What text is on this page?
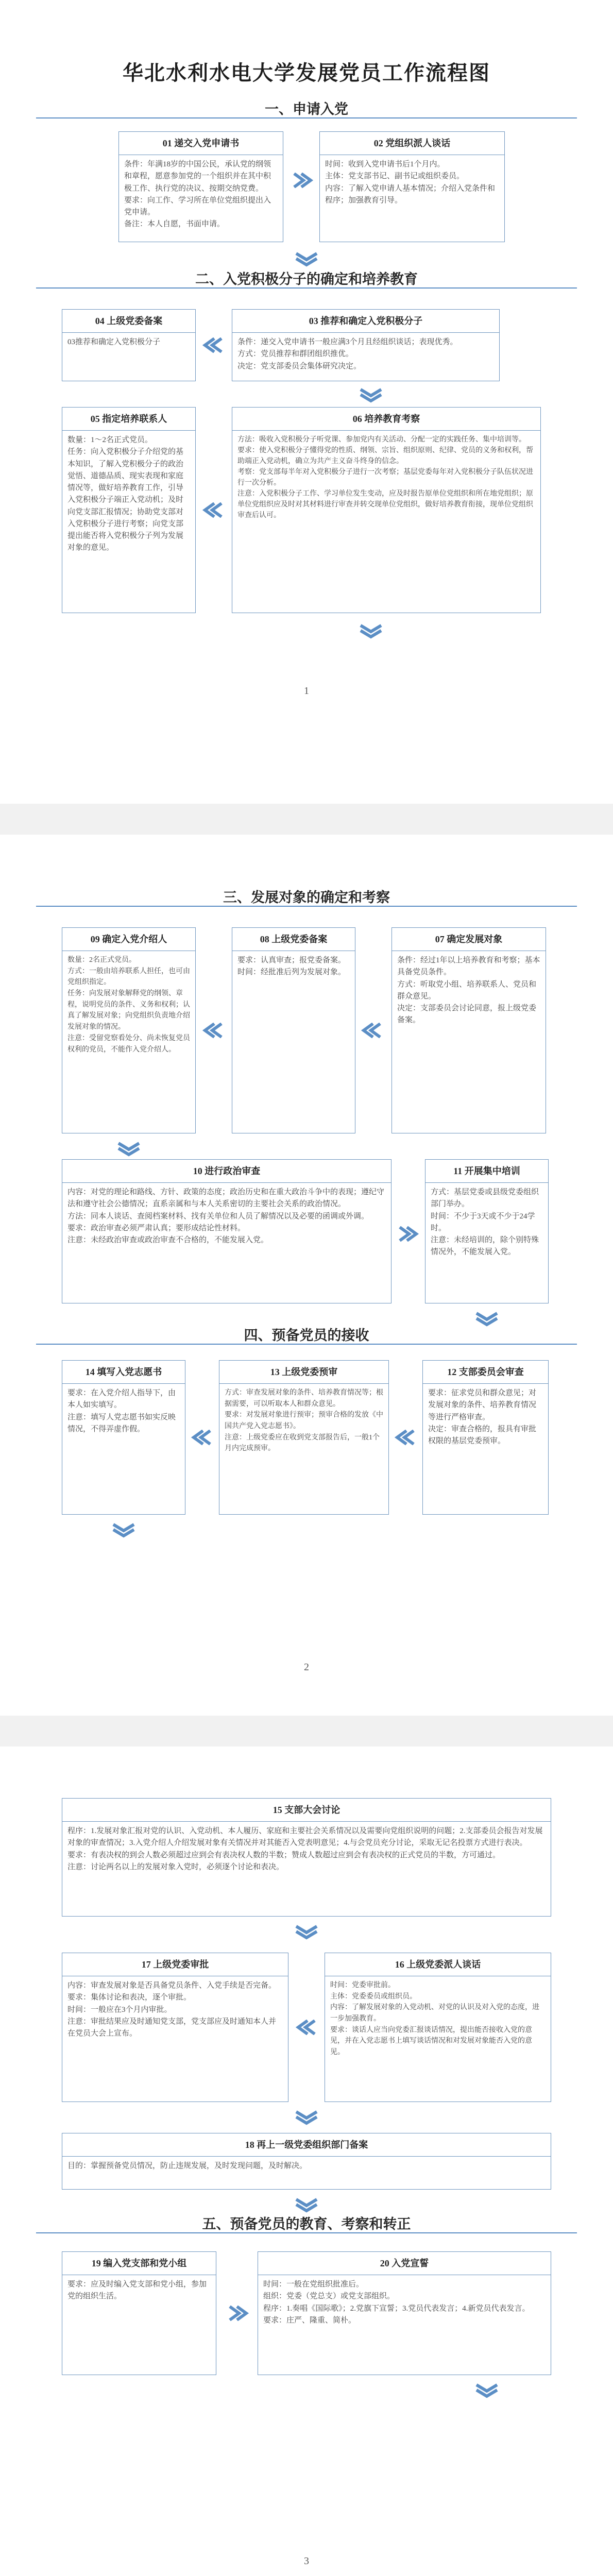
华北水利水电大学发展党员工作流程图
一、申请入党
01 递交入党申请书
条件：年满18岁的中国公民，承认党的纲领和章程，愿意参加党的一个组织并在其中积极工作、执行党的决议、按期交纳党费。
要求：向工作、学习所在单位党组织提出入党申请。
备注：本人自愿，书面申请。
02 党组织派人谈话
时间：收到入党申请书后1个月内。
主体：党支部书记、副书记或组织委员。
内容：了解入党申请人基本情况；介绍入党条件和程序；加强教育引导。
二、入党积极分子的确定和培养教育
04 上级党委备案
03推荐和确定入党积极分子
03 推荐和确定入党积极分子
条件：递交入党申请书一般应满3个月且经组织谈话；表现优秀。
方式：党员推荐和群团组织推优。
决定：党支部委员会集体研究决定。
05 指定培养联系人
数量：1～2名正式党员。
任务：向入党积极分子介绍党的基本知识，了解入党积极分子的政治觉悟、道德品质、现实表现和家庭情况等，做好培养教育工作，引导入党积极分子端正入党动机；及时向党支部汇报情况；协助党支部对入党积极分子进行考察；向党支部提出能否将入党积极分子列为发展对象的意见。
06 培养教育考察
方法：吸收入党积极分子听党课、参加党内有关活动、分配一定的实践任务、集中培训等。
要求：使入党积极分子懂得党的性质、纲领、宗旨、组织原则、纪律、党员的义务和权利，帮助端正入党动机，确立为共产主义奋斗终身的信念。
考察：党支部每半年对入党积极分子进行一次考察；基层党委每年对入党积极分子队伍状况进行一次分析。
注意：入党积极分子工作、学习单位发生变动，应及时报告原单位党组织和所在地党组织；原单位党组织应及时对其材料进行审查并转交现单位党组织，做好培养教育衔接，现单位党组织审查后认可。
1
三、发展对象的确定和考察
09 确定入党介绍人
数量：2名正式党员。
方式：一般由培养联系人担任，也可由党组织指定。
任务：向发展对象解释党的纲领、章程，说明党员的条件、义务和权利；认真了解发展对象；向党组织负责地介绍发展对象的情况。
注意：受留党察看处分、尚未恢复党员权利的党员，不能作入党介绍人。
08 上级党委备案
要求：认真审查；报党委备案。
时间：经批准后列为发展对象。
07 确定发展对象
条件：经过1年以上培养教育和考察；基本具备党员条件。
方式：听取党小组、培养联系人、党员和群众意见。
决定：支部委员会讨论同意，报上级党委备案。
10 进行政治审查
内容：对党的理论和路线、方针、政策的态度；政治历史和在重大政治斗争中的表现；遵纪守法和遵守社会公德情况；直系亲属和与本人关系密切的主要社会关系的政治情况。
方法：同本人谈话、查阅档案材料、找有关单位和人员了解情况以及必要的函调或外调。
要求：政治审查必须严肃认真；要形成结论性材料。
注意：未经政治审查或政治审查不合格的，不能发展入党。
11 开展集中培训
方式：基层党委或县级党委组织部门举办。
时间：不少于3天或不少于24学时。
注意：未经培训的，除个别特殊情况外，不能发展入党。
四、预备党员的接收
14 填写入党志愿书
要求：在入党介绍人指导下，由本人如实填写。
注意：填写人党志愿书如实反映情况，不得弄虚作假。
13 上级党委预审
方式：审查发展对象的条件、培养教育情况等；根据需要，可以听取本人和群众意见。
要求：对发展对象进行预审；预审合格的发放《中国共产党入党志愿书》。
注意：上级党委应在收到党支部报告后，一般1个月内完成预审。
12 支部委员会审查
要求：征求党员和群众意见；对发展对象的条件、培养教育情况等进行严格审查。
决定：审查合格的，报具有审批权限的基层党委预审。
2
15 支部大会讨论
程序：1.发展对象汇报对党的认识、入党动机、本人履历、家庭和主要社会关系情况以及需要向党组织说明的问题；2.支部委员会报告对发展对象的审查情况；3.入党介绍人介绍发展对象有关情况并对其能否入党表明意见；4.与会党员充分讨论，采取无记名投票方式进行表决。
要求：有表决权的到会人数必须超过应到会有表决权人数的半数；赞成人数超过应到会有表决权的正式党员的半数，方可通过。
注意：讨论两名以上的发展对象入党时，必须逐个讨论和表决。
17 上级党委审批
内容：审查发展对象是否具备党员条件、入党手续是否完备。
要求：集体讨论和表决，逐个审批。
时间：一般应在3个月内审批。
注意：审批结果应及时通知党支部，党支部应及时通知本人并在党员大会上宣布。
16 上级党委派人谈话
时间：党委审批前。
主体：党委委员或组织员。
内容：了解发展对象的入党动机、对党的认识及对入党的态度，进一步加强教育。
要求：谈话人应当向党委汇报谈话情况，提出能否接收入党的意见，并在入党志愿书上填写谈话情况和对发展对象能否入党的意见。
18 再上一级党委组织部门备案
目的：掌握预备党员情况，防止违规发展，及时发现问题，及时解决。
五、预备党员的教育、考察和转正
19 编入党支部和党小组
要求：应及时编入党支部和党小组，参加党的组织生活。
20 入党宣誓
时间：一般在党组织批准后。
组织：党委（党总支）或党支部组织。
程序：1.奏唱《国际歌》；2.党旗下宣誓；3.党员代表发言；4.新党员代表发言。
要求：庄严、隆重、简朴。
3
